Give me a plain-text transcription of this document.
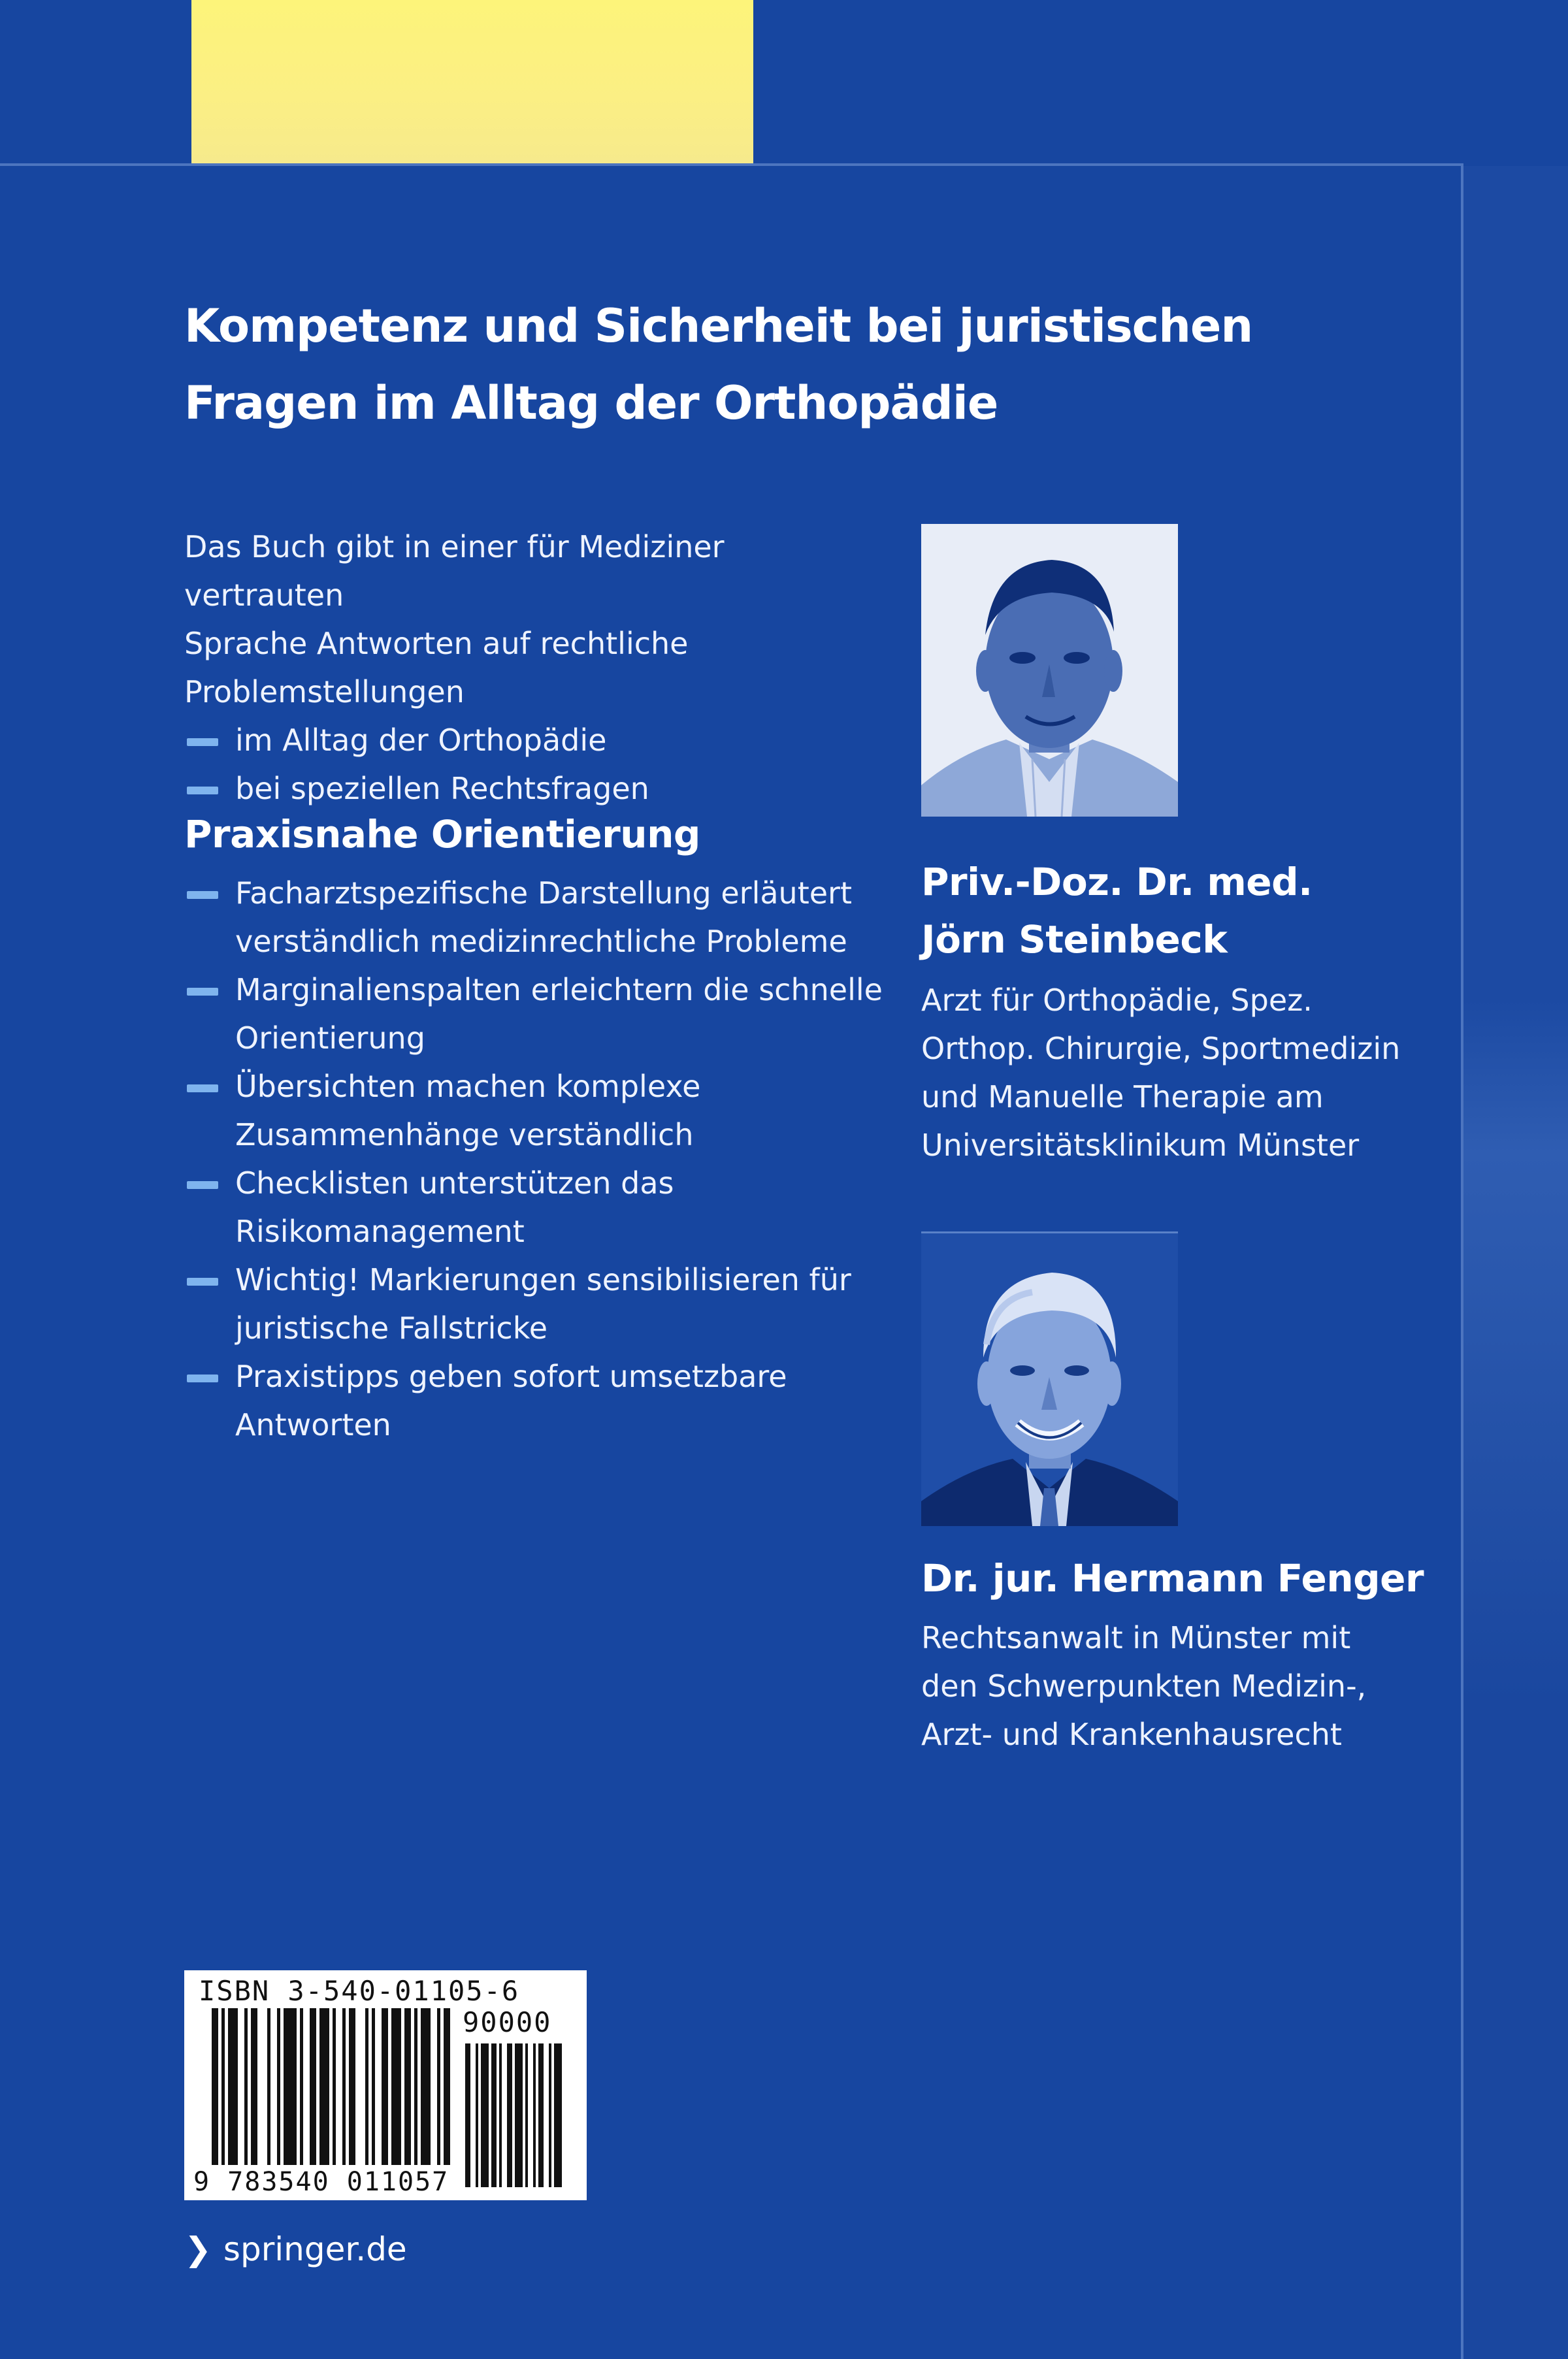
Kompetenz und Sicherheit bei juristischen
Fragen im Alltag der Orthopädie

Das Buch gibt in einer für Mediziner vertrauten

Sprache Antworten auf rechtliche

Problemstellungen

im Alltag der Orthopädie
bei speziellen Rechtsfragen
Praxisnahe Orientierung
Facharztspezifische Darstellung erläutert
verständlich medizinrechtliche Probleme
Marginalienspalten erleichtern die schnelle
Orientierung
Übersichten machen komplexe
Zusammenhänge verständlich
Checklisten unterstützen das
Risikomanagement
Wichtig! Markierungen sensibilisieren für
juristische Fallstricke
Praxistipps geben sofort umsetzbare
Antworten
Priv.-Doz. Dr. med.
Jörn Steinbeck
Arzt für Orthopädie, Spez.
Orthop. Chirurgie, Sportmedizin
und Manuelle Therapie am
Universitätsklinikum Münster
Dr. jur. Hermann Fenger
Rechtsanwalt in Münster mit
den Schwerpunkten Medizin-,
Arzt- und Krankenhausrecht
ISBN 3-540-01105-6
90000
9 783540 011057
❯ springer.de
